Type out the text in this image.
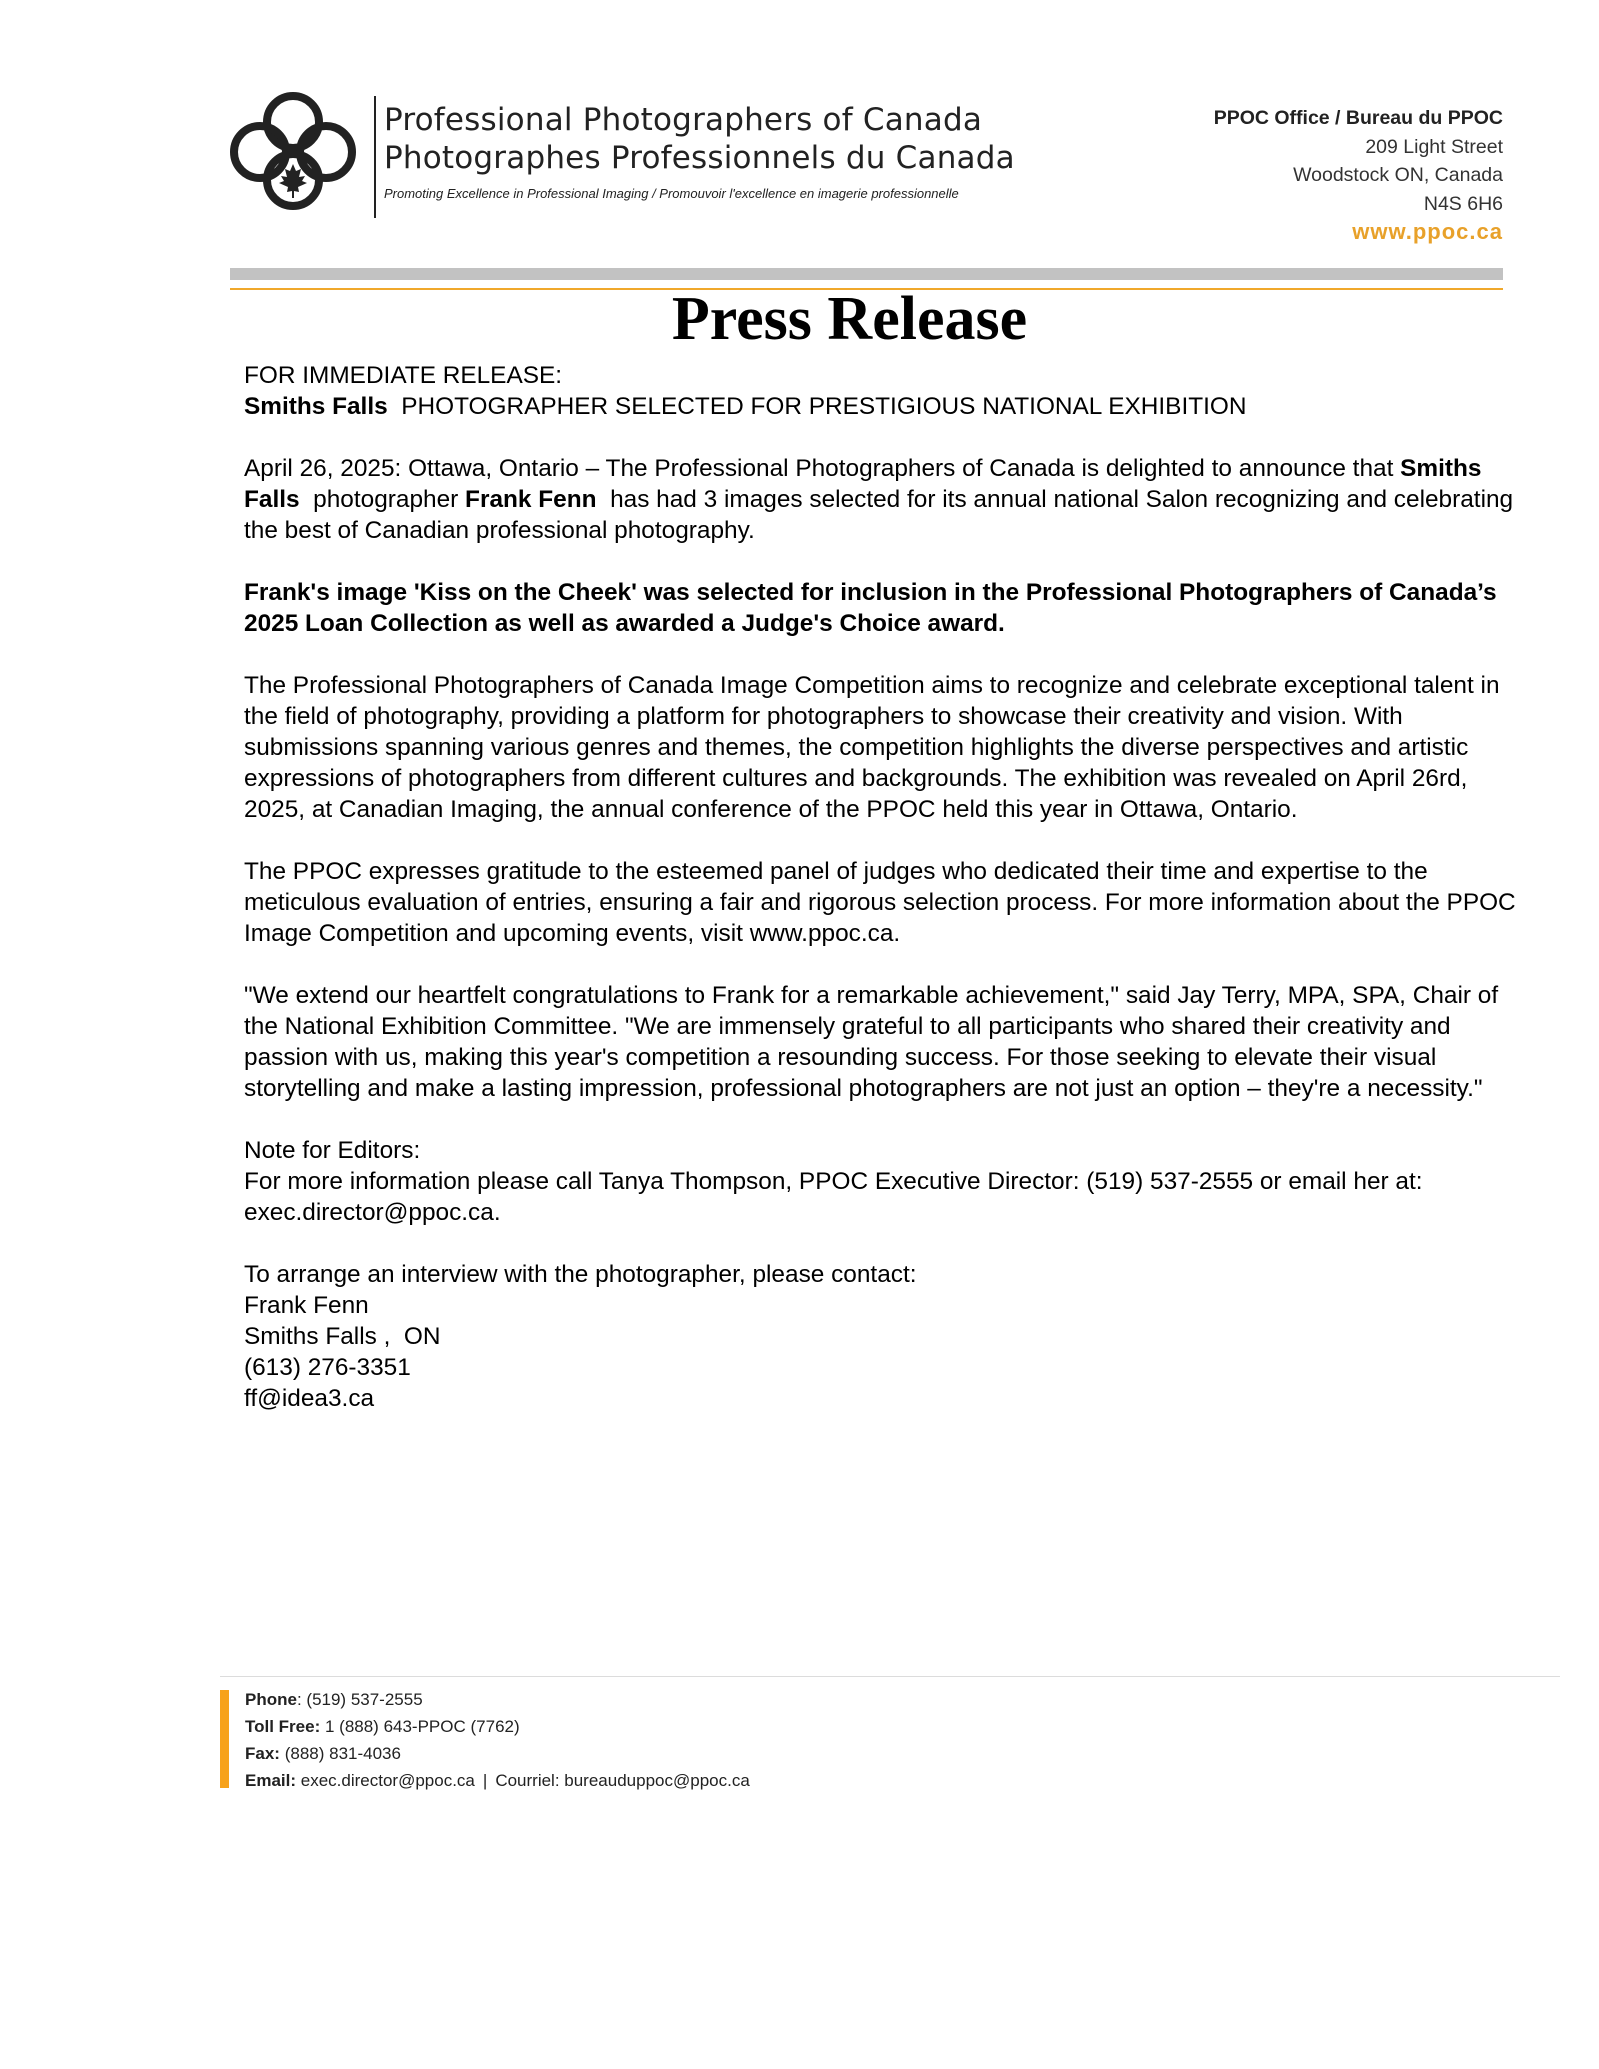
Professional Photographers of Canada
Photographes Professionnels du Canada
Promoting Excellence in Professional Imaging / Promouvoir l'excellence en imagerie professionnelle
PPOC Office / Bureau du PPOC
209 Light Street
Woodstock ON, Canada
N4S 6H6
www.ppoc.ca
Press Release

FOR IMMEDIATE RELEASE:
Smiths Falls PHOTOGRAPHER SELECTED FOR PRESTIGIOUS NATIONAL EXHIBITION

April 26, 2025: Ottawa, Ontario – The Professional Photographers of Canada is delighted to announce that Smiths Falls photographer Frank Fenn has had 3 images selected for its annual national Salon recognizing and celebrating the best of Canadian professional photography.

Frank's image 'Kiss on the Cheek' was selected for inclusion in the Professional Photographers of Canada’s 2025 Loan Collection as well as awarded a Judge's Choice award.

The Professional Photographers of Canada Image Competition aims to recognize and celebrate exceptional talent in the field of photography, providing a platform for photographers to showcase their creativity and vision. With submissions spanning various genres and themes, the competition highlights the diverse perspectives and artistic expressions of photographers from different cultures and backgrounds. The exhibition was revealed on April 26rd, 2025, at Canadian Imaging, the annual conference of the PPOC held this year in Ottawa, Ontario.

The PPOC expresses gratitude to the esteemed panel of judges who dedicated their time and expertise to the meticulous evaluation of entries, ensuring a fair and rigorous selection process. For more information about the PPOC Image Competition and upcoming events, visit www.ppoc.ca.

"We extend our heartfelt congratulations to Frank for a remarkable achievement," said Jay Terry, MPA, SPA, Chair of the National Exhibition Committee. "We are immensely grateful to all participants who shared their creativity and passion with us, making this year's competition a resounding success. For those seeking to elevate their visual storytelling and make a lasting impression, professional photographers are not just an option – they're a necessity."

Note for Editors:
For more information please call Tanya Thompson, PPOC Executive Director: (519) 537-2555 or email her at: exec.director@ppoc.ca.

To arrange an interview with the photographer, please contact:
Frank Fenn
Smiths Falls ,  ON
(613) 276-3351
ff@idea3.ca

Phone: (519) 537-2555
Toll Free: 1 (888) 643-PPOC (7762)
Fax: (888) 831-4036
Email: exec.director@ppoc.ca | Courriel: bureauduppoc@ppoc.ca
